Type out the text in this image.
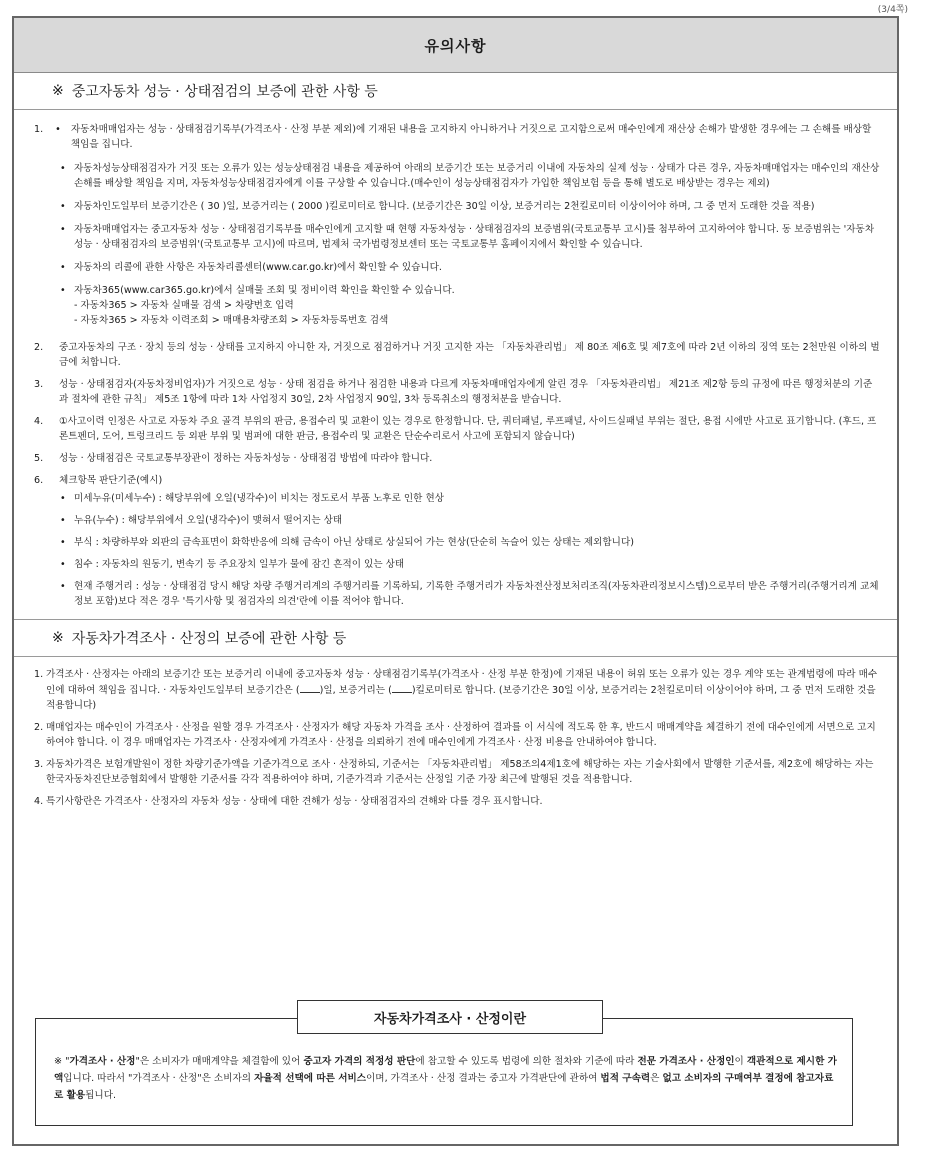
(3/4쪽)
유의사항
※ 중고자동차 성능 · 상태점검의 보증에 관한 사항 등
1. • 자동차매매업자는 성능 · 상태점검기록부(가격조사 · 산정 부분 제외)에 기재된 내용을 고지하지 아니하거나 거짓으로 고지함으로써 매수인에게 재산상 손해가 발생한 경우에는 그 손해를 배상할 책임을 집니다.
• 자동차성능상태점검자가 거짓 또는 오류가 있는 성능상태점검 내용을 제공하여 아래의 보증기간 또는 보증거리 이내에 자동차의 실제 성능 · 상태가 다른 경우, 자동차매매업자는 매수인의 재산상 손해를 배상할 책임을 지며, 자동차성능상태점검자에게 이를 구상할 수 있습니다.(매수인이 성능상태점검자가 가입한 책임보험 등을 통해 별도로 배상받는 경우는 제외)
• 자동차인도일부터 보증기간은 ( 30 )일, 보증거리는 ( 2000 )킬로미터로 합니다. (보증기간은 30일 이상, 보증거리는 2천킬로미터 이상이어야 하며, 그 중 먼저 도래한 것을 적용)
• 자동차매매업자는 중고자동차 성능 · 상태점검기록부를 매수인에게 고지할 때 현행 자동차성능 · 상태점검자의 보증범위(국토교통부 고시)를 첨부하여 고지하여야 합니다. 동 보증범위는 '자동차성능 · 상태점검자의 보증범위'(국토교통부 고시)에 따르며, 법제처 국가법령정보센터 또는 국토교통부 홈페이지에서 확인할 수 있습니다.
• 자동차의 리콜에 관한 사항은 자동차리콜센터(www.car.go.kr)에서 확인할 수 있습니다.
• 자동차365(www.car365.go.kr)에서 실매물 조회 및 정비이력 확인을 확인할 수 있습니다.
- 자동차365 > 자동차 실매물 검색 > 차량번호 입력
- 자동차365 > 자동차 이력조회 > 매매용차량조회 > 자동차등록번호 검색
2.	중고자동차의 구조 · 장치 등의 성능 · 상태를 고지하지 아니한 자, 거짓으로 점검하거나 거짓 고지한 자는 「자동차관리법」 제 80조 제6호 및 제7호에 따라 2년 이하의 징역 또는 2천만원 이하의 벌금에 처합니다.
3.	성능 · 상태점검자(자동차정비업자)가 거짓으로 성능 · 상태 점검을 하거나 점검한 내용과 다르게 자동차매매업자에게 알린 경우 「자동차관리법」 제21조 제2항 등의 규정에 따른 행정처분의 기준과 절차에 관한 규칙」 제5조 1항에 따라 1차 사업정지 30일, 2차 사업정지 90일, 3차 등록취소의 행정처분을 받습니다.
4.	①사고이력 인정은 사고로 자동차 주요 골격 부위의 판금, 용접수리 및 교환이 있는 경우로 한정합니다. 단, 쿼터패널, 루프패널, 사이드실패널 부위는 절단, 용접 시에만 사고로 표기합니다. (후드, 프론트펜더, 도어, 트렁크리드 등 외판 부위 및 범퍼에 대한 판금, 용접수리 및 교환은 단순수리로서 사고에 포함되지 않습니다)
5.	성능 · 상태점검은 국토교통부장관이 정하는 자동차성능 · 상태점검 방법에 따라야 합니다.
6.	체크항목 판단기준(예시)
• 미세누유(미세누수) : 해당부위에 오일(냉각수)이 비치는 정도로서 부품 노후로 인한 현상
• 누유(누수) : 해당부위에서 오일(냉각수)이 맺혀서 떨어지는 상태
• 부식 : 차량하부와 외판의 금속표면이 화학반응에 의해 금속이 아닌 상태로 상실되어 가는 현상(단순히 녹슬어 있는 상태는 제외합니다)
• 침수 : 자동차의 원동기, 변속기 등 주요장치 일부가 물에 잠긴 흔적이 있는 상태
• 현재 주행거리 : 성능 · 상태점검 당시 해당 차량 주행거리계의 주행거리를 기록하되, 기록한 주행거리가 자동차전산정보처리조직(자동차관리정보시스템)으로부터 받은 주행거리(주행거리계 교체 정보 포함)보다 적은 경우 '특기사항 및 점검자의 의견'란에 이를 적어야 합니다.
※ 자동차가격조사 · 산정의 보증에 관한 사항 등
1. 가격조사 · 산정자는 아래의 보증기간 또는 보증거리 이내에 중고자동차 성능 · 상태점검기록부(가격조사 · 산정 부분 한정)에 기재된 내용이 허위 또는 오류가 있는 경우 계약 또는 관계법령에 따라 매수인에 대하여 책임을 집니다. · 자동차인도일부터 보증기간은 ( )일, 보증거리는 ( )킬로미터로 합니다. (보증기간은 30일 이상, 보증거리는 2천킬로미터 이상이어야 하며, 그 중 먼저 도래한 것을 적용합니다)
2. 매매업자는 매수인이 가격조사 · 산정을 원할 경우 가격조사 · 산정자가 해당 자동차 가격을 조사 · 산정하여 결과를 이 서식에 적도록 한 후, 반드시 매매계약을 체결하기 전에 대수인에게 서면으로 고지하여야 합니다. 이 경우 매매업자는 가격조사 · 산정자에게 가격조사 · 산정을 의뢰하기 전에 매수인에게 가격조사 · 산정 비용을 안내하여야 합니다.
3. 자동차가격은 보험개발원이 정한 차량기준가액을 기준가격으로 조사 · 산정하되, 기준서는 「자동차관리법」 제58조의4제1호에 해당하는 자는 기술사회에서 발행한 기준서를, 제2호에 해당하는 자는 한국자동차진단보증협회에서 발행한 기준서를 각각 적용하여야 하며, 기준가격과 기준서는 산정일 기준 가장 최근에 발행된 것을 적용합니다.
4. 특기사항란은 가격조사 · 산정자의 자동차 성능 · 상태에 대한 견해가 성능 · 상태점검자의 견해와 다를 경우 표시합니다.
자동차가격조사 · 산정이란
※ "가격조사 · 산정"은 소비자가 매매계약을 체결함에 있어 중고자 가격의 적정성 판단에 참고할 수 있도록 법령에 의한 절차와 기준에 따라 전문 가격조사 · 산정인이 객관적으로 제시한 가액입니다. 따라서 "가격조사 · 산정"은 소비자의 자율적 선택에 따른 서비스이며, 가격조사 · 산정 결과는 중고자 가격판단에 관하여 법적 구속력은 없고 소비자의 구매여부 결정에 참고자료로 활용됩니다.
